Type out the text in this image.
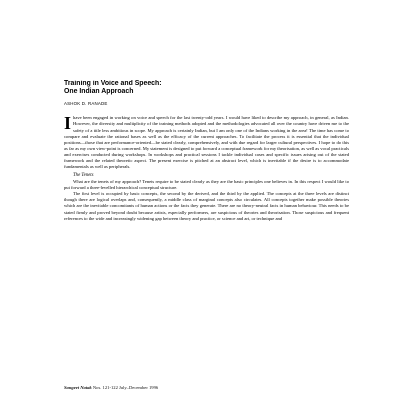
Training in Voice and Speech:
One Indian Approach
ASHOK D. RANADE

Ihave been engaged in working on voice and speech for the last twenty-odd years. I would have liked to describe my approach, in general, as Indian. However, the diversity and multiplicity of the training methods adopted and the methodologies advocated all over the country have driven me to the safety of a title less ambitious in scope. My approach is certainly Indian, but I am only one of the Indians working in the area! The time has come to compare and evaluate the rational bases as well as the efficacy of the current approaches. To facilitate the process it is essential that the individual positions—those that are performance-oriented—be stated clearly, comprehensively, and with due regard for larger cultural perspectives. I hope to do this as far as my own view-point is concerned. My statement is designed to put forward a conceptual framework for my theorisation, as well as vocal practicals and exercises conducted during workshops. In workshops and practical sessions I tackle individual cases and specific issues arising out of the stated framework and the related theoretic aspect. The present exercise is pitched at an abstract level, which is inevitable if the desire is to accommodate fundamentals as well as peripherals.

The Tenets

What are the tenets of my approach? Tenets require to be stated clearly as they are the basic principles one believes in. In this respect I would like to put forward a three-levelled hierarchical conceptual structure.

The first level is occupied by basic concepts, the second by the derived, and the third by the applied. The concepts at the three levels are distinct though there are logical overlaps and, consequently, a middle class of marginal concepts also circulates. All concepts together make possible theories which are the inevitable concomitants of human actions or the facts they generate. There are no theory-neutral facts in human behaviour. This needs to be stated firmly and proved beyond doubt because artists, especially performers, are suspicious of theories and theorisation. Those suspicious and frequent references to the wide and increasingly widening gap between theory and practice, or science and art, or technique and

Sangeet Natak Nos. 121-122 July–December 1996
